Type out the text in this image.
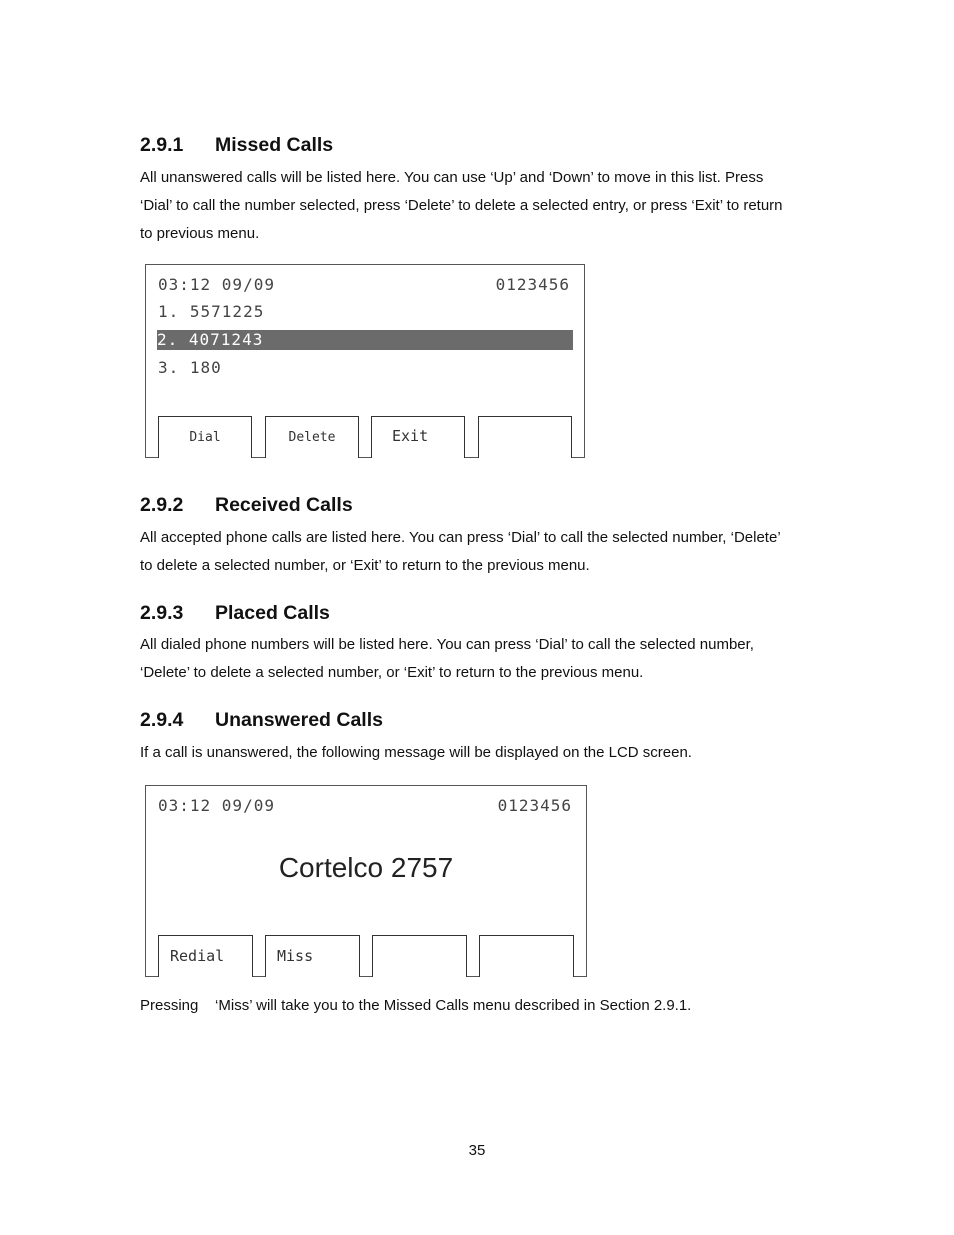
2.9.1 Missed Calls
All unanswered calls will be listed here. You can use ‘Up’ and ‘Down’ to move in this list. Press
‘Dial’ to call the number selected, press ‘Delete’ to delete a selected entry, or press ‘Exit’ to return
to previous menu.
03:12 09/09	0123456
1. 5571225
2. 4071243
3. 180
Dial	Delete	Exit
2.9.2 Received Calls
All accepted phone calls are listed here. You can press ‘Dial’ to call the selected number, ‘Delete’
to delete a selected number, or ‘Exit’ to return to the previous menu.
2.9.3 Placed Calls
All dialed phone numbers will be listed here. You can press ‘Dial’ to call the selected number,
‘Delete’ to delete a selected number, or ‘Exit’ to return to the previous menu.
2.9.4 Unanswered Calls
If a call is unanswered, the following message will be displayed on the LCD screen.
03:12 09/09	0123456
Cortelco 2757
Redial	Miss
Pressing    ‘Miss’ will take you to the Missed Calls menu described in Section 2.9.1.
35
